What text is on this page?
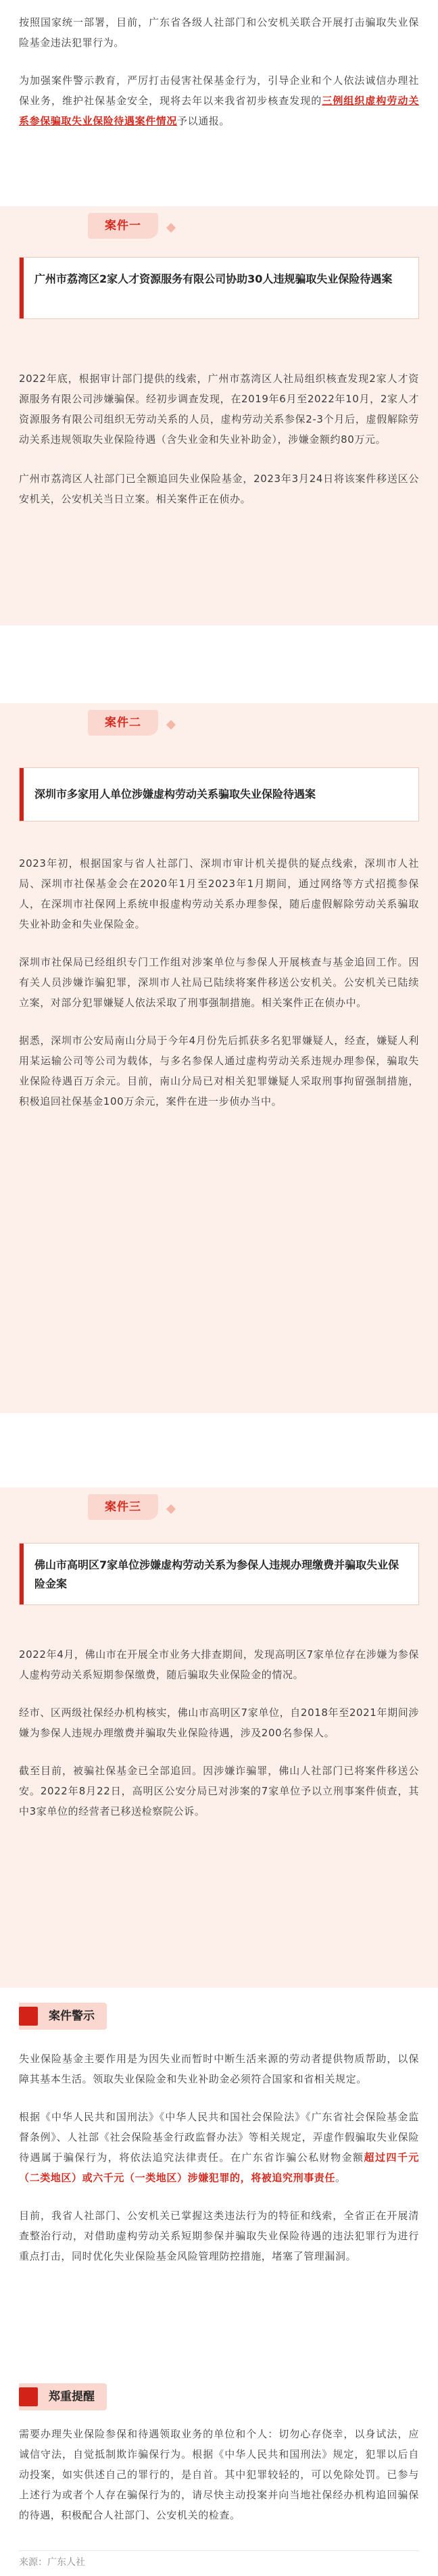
按照国家统一部署，目前，广东省各级人社部门和公安机关联合开展打击骗取失业保险基金违法犯罪行为。

为加强案件警示教育，严厉打击侵害社保基金行为，引导企业和个人依法诚信办理社保业务，维护社保基金安全，现将去年以来我省初步核查发现的三例组织虚构劳动关系参保骗取失业保险待遇案件情况予以通报。

案件一
广州市荔湾区2家人才资源服务有限公司协助30人违规骗取失业保险待遇案

2022年底，根据审计部门提供的线索，广州市荔湾区人社局组织核查发现2家人才资源服务有限公司涉嫌骗保。经初步调查发现，在2019年6月至2022年10月，2家人才资源服务有限公司组织无劳动关系的人员，虚构劳动关系参保2-3个月后，虚假解除劳动关系违规领取失业保险待遇（含失业金和失业补助金），涉嫌金额约80万元。

广州市荔湾区人社部门已全额追回失业保险基金，2023年3月24日将该案件移送区公安机关，公安机关当日立案。相关案件正在侦办。

案件二
深圳市多家用人单位涉嫌虚构劳动关系骗取失业保险待遇案

2023年初，根据国家与省人社部门、深圳市审计机关提供的疑点线索，深圳市人社局、深圳市社保基金会在2020年1月至2023年1月期间，通过网络等方式招揽参保人，在深圳市社保网上系统申报虚构劳动关系办理参保，随后虚假解除劳动关系骗取失业补助金和失业保险金。

深圳市社保局已经组织专门工作组对涉案单位与参保人开展核查与基金追回工作。因有关人员涉嫌诈骗犯罪，深圳市人社局已陆续将案件移送公安机关。公安机关已陆续立案，对部分犯罪嫌疑人依法采取了刑事强制措施。相关案件正在侦办中。

据悉，深圳市公安局南山分局于今年4月份先后抓获多名犯罪嫌疑人，经查，嫌疑人利用某运输公司等公司为载体，与多名参保人通过虚构劳动关系违规办理参保，骗取失业保险待遇百万余元。目前，南山分局已对相关犯罪嫌疑人采取刑事拘留强制措施，积极追回社保基金100万余元，案件在进一步侦办当中。

案件三
佛山市高明区7家单位涉嫌虚构劳动关系为参保人违规办理缴费并骗取失业保险金案

2022年4月，佛山市在开展全市业务大排查期间，发现高明区7家单位存在涉嫌为参保人虚构劳动关系短期参保缴费，随后骗取失业保险金的情况。

经市、区两级社保经办机构核实，佛山市高明区7家单位，自2018年至2021年期间涉嫌为参保人违规办理缴费并骗取失业保险待遇，涉及200名参保人。

截至目前，被骗社保基金已全部追回。因涉嫌诈骗罪，佛山人社部门已将案件移送公安。2022年8月22日，高明区公安分局已对涉案的7家单位予以立刑事案件侦查，其中3家单位的经营者已移送检察院公诉。

案件警示

失业保险基金主要作用是为因失业而暂时中断生活来源的劳动者提供物质帮助，以保障其基本生活。领取失业保险金和失业补助金必须符合国家和省相关规定。

根据《中华人民共和国刑法》《中华人民共和国社会保险法》《广东省社会保险基金监督条例》、人社部《社会保险基金行政监督办法》等相关规定，弄虚作假骗取失业保险待遇属于骗保行为，将依法追究法律责任。在广东省诈骗公私财物金额超过四千元（二类地区）或六千元（一类地区）涉嫌犯罪的，将被追究刑事责任。

目前，我省人社部门、公安机关已掌握这类违法行为的特征和线索，全省正在开展清查整治行动，对借助虚构劳动关系短期参保并骗取失业保险待遇的违法犯罪行为进行重点打击，同时优化失业保险基金风险管理防控措施，堵塞了管理漏洞。

郑重提醒

需要办理失业保险参保和待遇领取业务的单位和个人：切勿心存侥幸，以身试法，应诚信守法，自觉抵制欺诈骗保行为。根据《中华人民共和国刑法》规定，犯罪以后自动投案，如实供述自己的罪行的，是自首。其中犯罪较轻的，可以免除处罚。已参与上述行为或者个人存在骗保行为的，请尽快主动投案并向当地社保经办机构追回骗保的待遇，积极配合人社部门、公安机关的检查。

来源：广东人社
